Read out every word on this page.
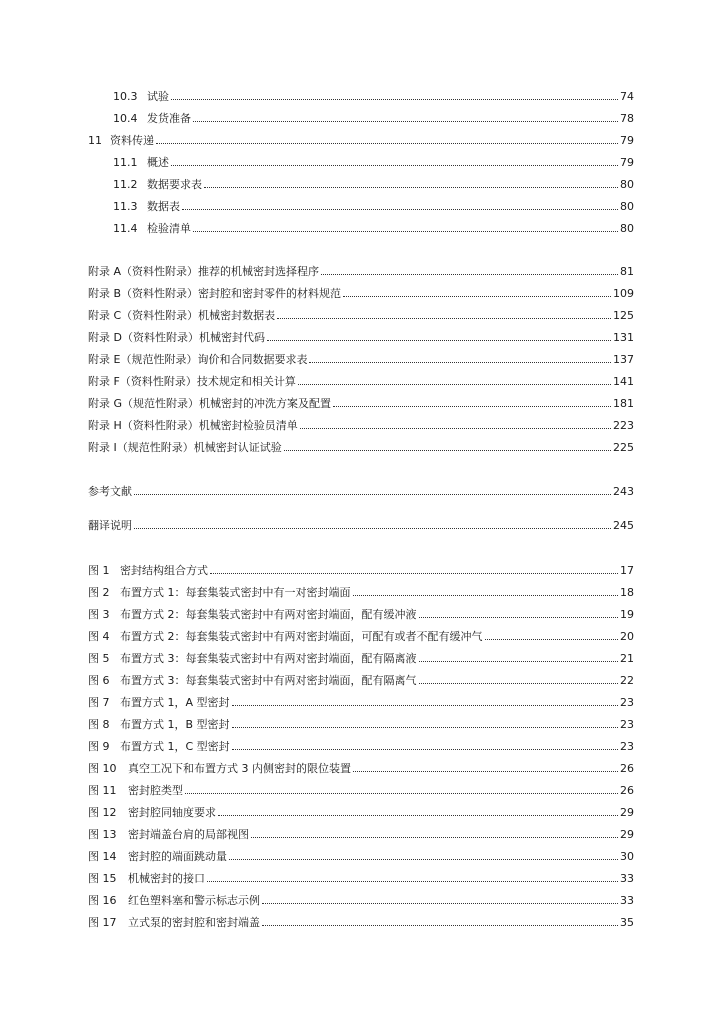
10.3 试验	74
10.4 发货准备	78
11 资料传递	79
11.1 概述	79
11.2 数据要求表	80
11.3 数据表	80
11.4 检验清单	80
附录 A（资料性附录）推荐的机械密封选择程序	81
附录 B（资料性附录）密封腔和密封零件的材料规范	109
附录 C（资料性附录）机械密封数据表	125
附录 D（资料性附录）机械密封代码	131
附录 E（规范性附录）询价和合同数据要求表	137
附录 F（资料性附录）技术规定和相关计算	141
附录 G（规范性附录）机械密封的冲洗方案及配置	181
附录 H（资料性附录）机械密封检验员清单	223
附录 I（规范性附录）机械密封认证试验	225
参考文献	243
翻译说明	245
图 1 密封结构组合方式	17
图 2 布置方式 1：每套集装式密封中有一对密封端面	18
图 3 布置方式 2：每套集装式密封中有两对密封端面，配有缓冲液	19
图 4 布置方式 2：每套集装式密封中有两对密封端面，可配有或者不配有缓冲气	20
图 5 布置方式 3：每套集装式密封中有两对密封端面，配有隔离液	21
图 6 布置方式 3：每套集装式密封中有两对密封端面，配有隔离气	22
图 7 布置方式 1，A 型密封	23
图 8 布置方式 1，B 型密封	23
图 9 布置方式 1，C 型密封	23
图 10	真空工况下和布置方式 3 内侧密封的限位装置	26
图 11	密封腔类型	26
图 12	密封腔同轴度要求	29
图 13	密封端盖台肩的局部视图	29
图 14	密封腔的端面跳动量	30
图 15	机械密封的接口	33
图 16	红色塑料塞和警示标志示例	33
图 17	立式泵的密封腔和密封端盖	35
